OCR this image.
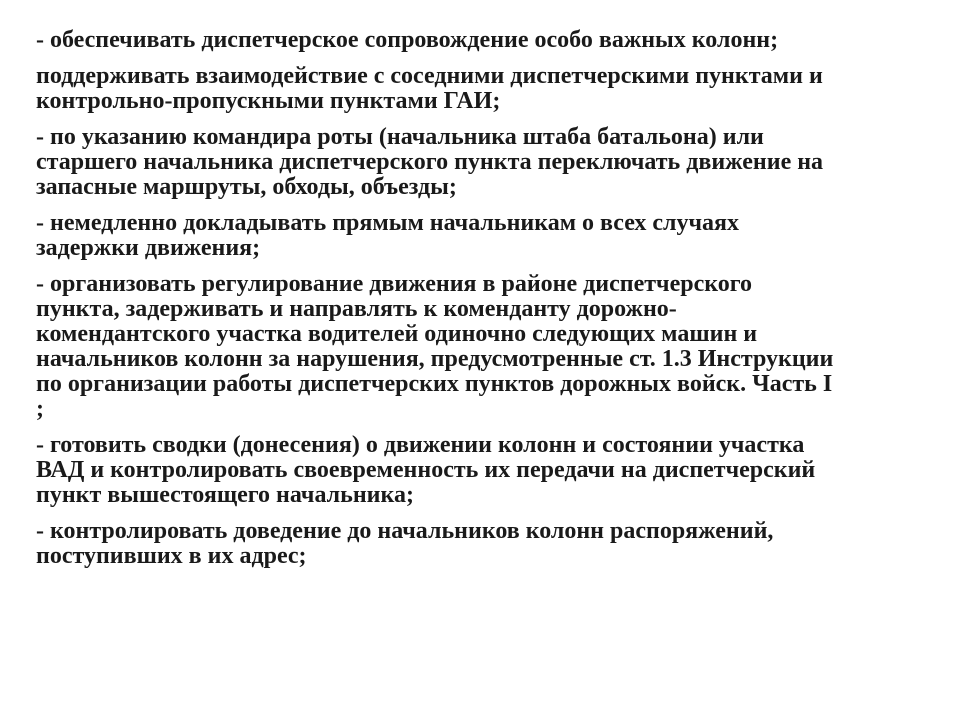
- обеспечивать диспетчерское сопровождение особо важных колонн;

поддерживать взаимодействие с соседними диспетчерскими пунктами и
контрольно-пропускными пунктами ГАИ;

- по указанию командира роты (начальника штаба батальона) или
старшего начальника диспетчерского пункта переключать движение на
запасные маршруты, обходы, объезды;

- немедленно докладывать прямым начальникам о всех случаях
задержки движения;

- организовать регулирование движения в районе диспетчерского
пункта, задерживать и направлять к коменданту дорожно-
комендантского участка водителей одиночно следующих машин и
начальников колонн за нарушения, предусмотренные ст. 1.3 Инструкции
по организации работы диспетчерских пунктов дорожных войск. Часть I
;

- готовить сводки (донесения) о движении колонн и состоянии участка
ВАД и контролировать своевременность их передачи на диспетчерский
пункт вышестоящего начальника;

- контролировать доведение до начальников колонн распоряжений,
поступивших в их адрес;
